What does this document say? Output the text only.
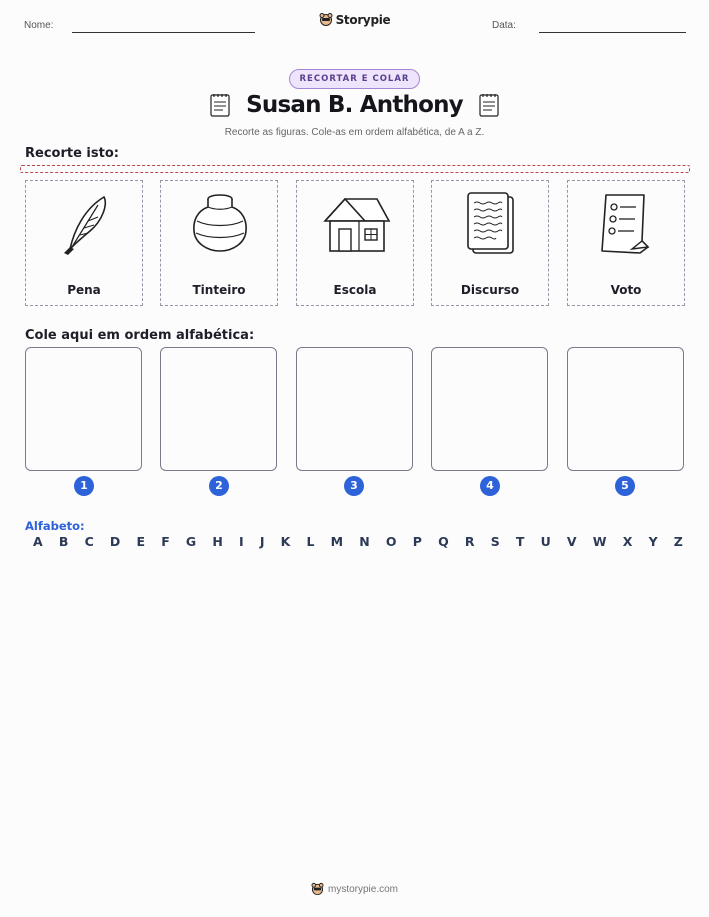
Nome:	Storypie	Data:
RECORTAR E COLAR
Susan B. Anthony
Recorte as figuras. Cole-as em ordem alfabética, de A a Z.
Recorte isto:
Pena	Tinteiro	Escola	Discurso	Voto
Cole aqui em ordem alfabética:
1	2	3	4	5
Alfabeto:
A B C D E F G H I J K L M N O P Q R S T U V W X Y Z
mystorypie.com
